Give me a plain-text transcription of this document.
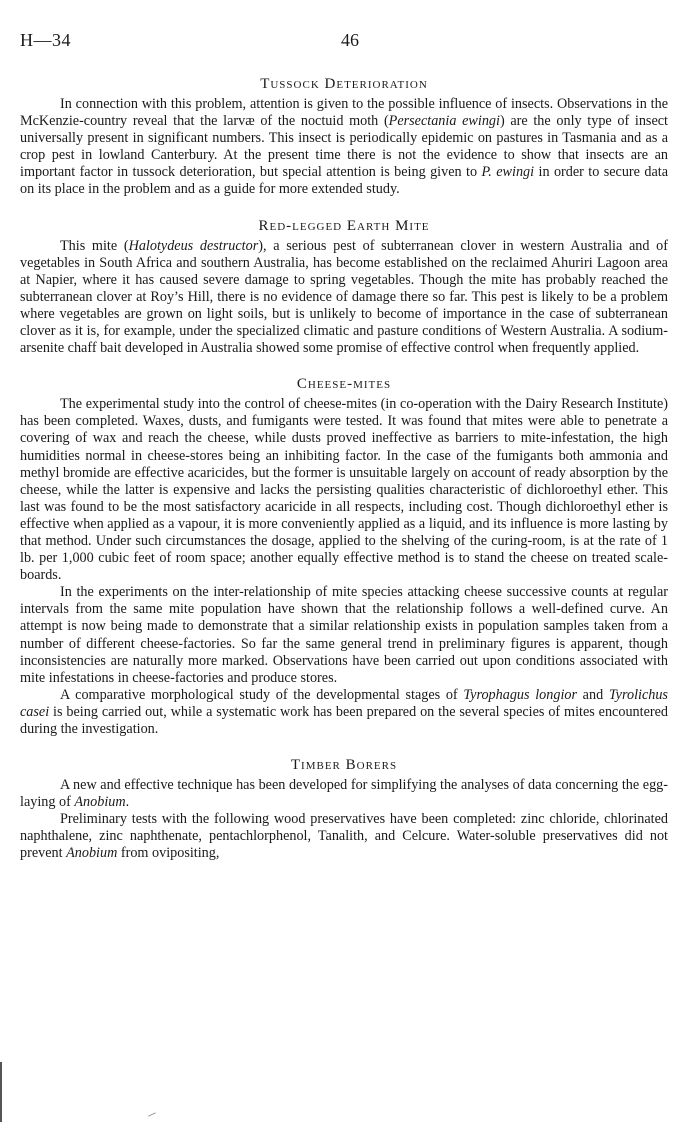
H—34	46
Tussock Deterioration

In connection with this problem, attention is given to the possible influence of insects. Observations in the McKenzie-country reveal that the larvæ of the noctuid moth (Persectania ewingi) are the only type of insect universally present in significant numbers. This insect is periodically epidemic on pastures in Tasmania and as a crop pest in lowland Canterbury. At the present time there is not the evidence to show that insects are an important factor in tussock deterioration, but special attention is being given to P. ewingi in order to secure data on its place in the problem and as a guide for more extended study.

Red-legged Earth Mite

This mite (Halotydeus destructor), a serious pest of subterranean clover in western Australia and of vegetables in South Africa and southern Australia, has become established on the reclaimed Ahuriri Lagoon area at Napier, where it has caused severe damage to spring vegetables. Though the mite has probably reached the subterranean clover at Roy’s Hill, there is no evidence of damage there so far. This pest is likely to be a problem where vegetables are grown on light soils, but is unlikely to become of importance in the case of subterranean clover as it is, for example, under the specialized climatic and pasture conditions of Western Australia. A sodium-arsenite chaff bait developed in Australia showed some promise of effective control when frequently applied.

Cheese-mites

The experimental study into the control of cheese-mites (in co-operation with the Dairy Research Institute) has been completed. Waxes, dusts, and fumigants were tested. It was found that mites were able to penetrate a covering of wax and reach the cheese, while dusts proved ineffective as barriers to mite-infestation, the high humidities normal in cheese-stores being an inhibiting factor. In the case of the fumigants both ammonia and methyl bromide are effective acaricides, but the former is unsuitable largely on account of ready absorption by the cheese, while the latter is expensive and lacks the persisting qualities characteristic of dichloroethyl ether. This last was found to be the most satisfactory acaricide in all respects, including cost. Though dichloroethyl ether is effective when applied as a vapour, it is more conveniently applied as a liquid, and its influence is more lasting by that method. Under such circumstances the dosage, applied to the shelving of the curing-room, is at the rate of 1 lb. per 1,000 cubic feet of room space; another equally effective method is to stand the cheese on treated scale-boards.

In the experiments on the inter-relationship of mite species attacking cheese successive counts at regular intervals from the same mite population have shown that the relationship follows a well-defined curve. An attempt is now being made to demonstrate that a similar relationship exists in population samples taken from a number of different cheese-factories. So far the same general trend in preliminary figures is apparent, though inconsistencies are naturally more marked. Observations have been carried out upon conditions associated with mite infestations in cheese-factories and produce stores.

A comparative morphological study of the developmental stages of Tyrophagus longior and Tyrolichus casei is being carried out, while a systematic work has been prepared on the several species of mites encountered during the investigation.

Timber Borers

A new and effective technique has been developed for simplifying the analyses of data concerning the egg-laying of Anobium.

Preliminary tests with the following wood preservatives have been completed: zinc chloride, chlorinated naphthalene, zinc naphthenate, pentachlorphenol, Tanalith, and Celcure. Water-soluble preservatives did not prevent Anobium from ovipositing,
